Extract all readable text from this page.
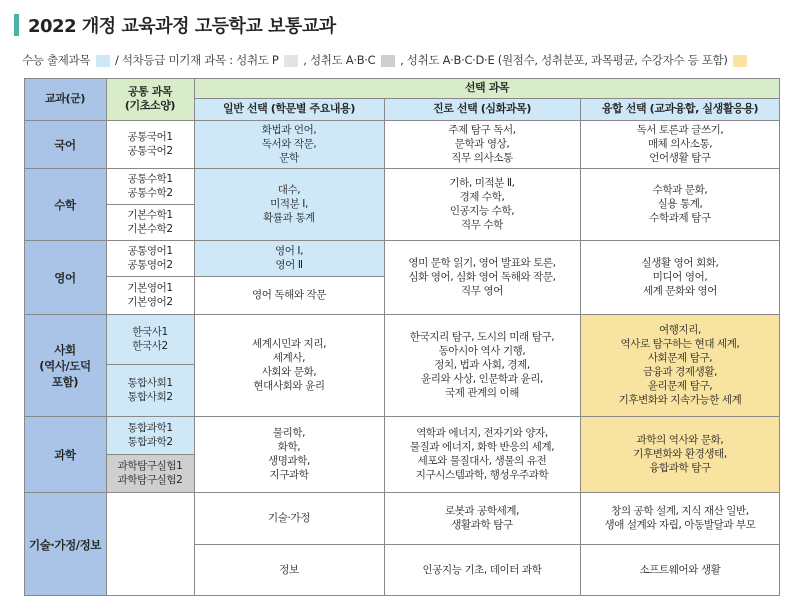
2022 개정 교육과정 고등학교 보통교과
수능 출제과목 / 석차등급 미기재 과목 : 성취도 P , 성취도 A·B·C , 성취도 A·B·C·D·E (원점수, 성취분포, 과목평균, 수강자수 등 포함)
교과(군)
공통 과목
(기초소양)
선택 과목
일반 선택 (학문별 주요내용)	진로 선택 (심화과목)	융합 선택 (교과융합, 실생활응용)
국어
공통국어1
공통국어2
화법과 언어,
독서와 작문,
문학
주제 탐구 독서,
문학과 영상,
직무 의사소통
독서 토론과 글쓰기,
매체 의사소통,
언어생활 탐구
수학
공통수학1
공통수학2
기본수학1
기본수학2
대수,
미적분 Ⅰ,
확률과 통계
기하, 미적분 Ⅱ,
경제 수학,
인공지능 수학,
직무 수학
수학과 문화,
실용 통계,
수학과제 탐구
영어
공통영어1
공통영어2
기본영어1
기본영어2
영어 Ⅰ,
영어 Ⅱ
영어 독해와 작문
영미 문학 읽기, 영어 발표와 토론,
심화 영어, 심화 영어 독해와 작문,
직무 영어
실생활 영어 회화,
미디어 영어,
세계 문화와 영어
사회
(역사/도덕
포함)
한국사1
한국사2
통합사회1
통합사회2
세계시민과 지리,
세계사,
사회와 문화,
현대사회와 윤리
한국지리 탐구, 도시의 미래 탐구,
동아시아 역사 기행,
정치, 법과 사회, 경제,
윤리와 사상, 인문학과 윤리,
국제 관계의 이해
여행지리,
역사로 탐구하는 현대 세계,
사회문제 탐구,
금융과 경제생활,
윤리문제 탐구,
기후변화와 지속가능한 세계
과학
통합과학1
통합과학2
과학탐구실험1
과학탐구실험2
물리학,
화학,
생명과학,
지구과학
역학과 에너지, 전자기와 양자,
물질과 에너지, 화학 반응의 세계,
세포와 물질대사, 생물의 유전
지구시스템과학, 행성우주과학
과학의 역사와 문화,
기후변화와 환경생태,
융합과학 탐구
기술·가정/정보
기술·가정
정보
로봇과 공학세계,
생활과학 탐구
인공지능 기초, 데이터 과학
창의 공학 설계, 지식 재산 일반,
생애 설계와 자립, 아동발달과 부모
소프트웨어와 생활
